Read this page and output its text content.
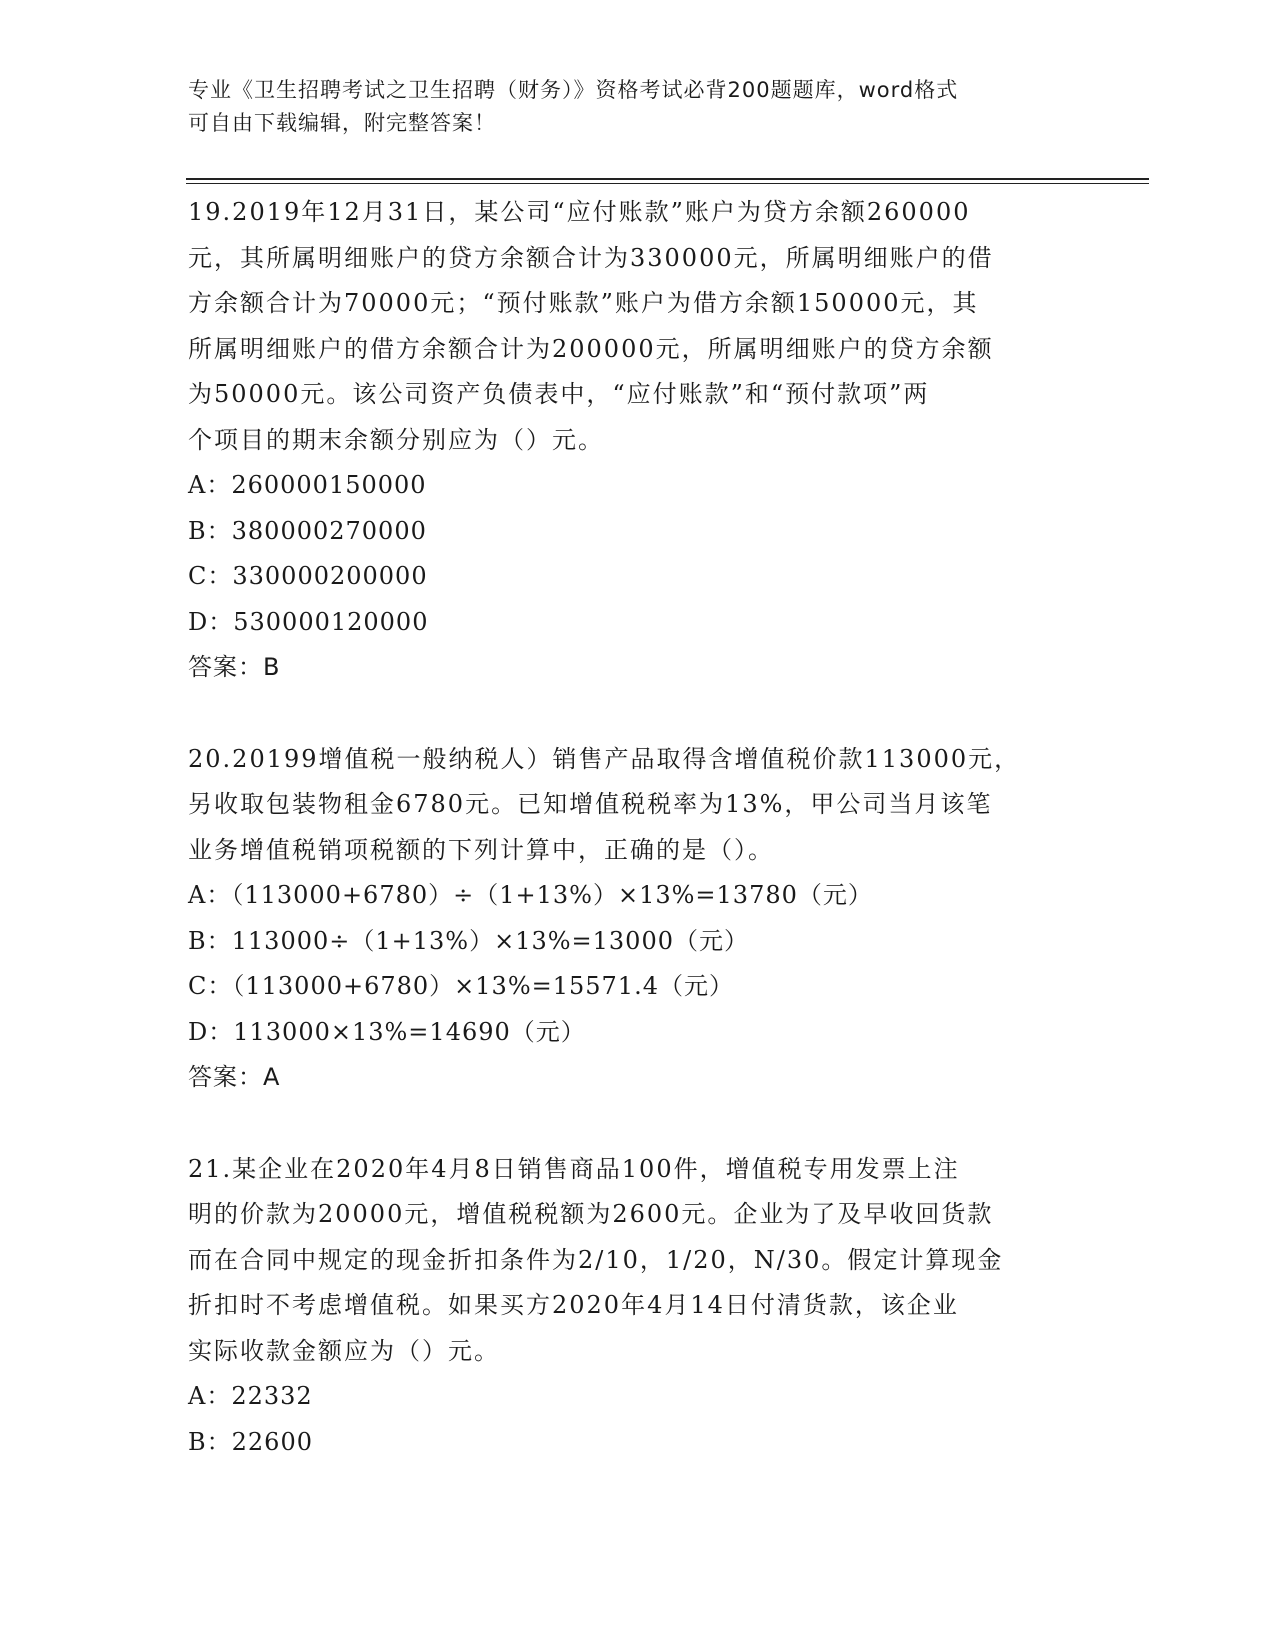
专业《卫生招聘考试之卫生招聘（财务）》资格考试必背200题题库，word格式
可自由下载编辑，附完整答案！
19.2019年12月31日，某公司“应付账款”账户为贷方余额260000
元，其所属明细账户的贷方余额合计为330000元，所属明细账户的借
方余额合计为70000元；“预付账款”账户为借方余额150000元，其
所属明细账户的借方余额合计为200000元，所属明细账户的贷方余额
为50000元。该公司资产负债表中，“应付账款”和“预付款项”两
个项目的期末余额分别应为（）元。
A：260000150000
B：380000270000
C：330000200000
D：530000120000
答案：B
20.20199增值税一般纳税人）销售产品取得含增值税价款113000元，
另收取包装物租金6780元。已知增值税税率为13%，甲公司当月该笔
业务增值税销项税额的下列计算中，正确的是（）。
A：（113000+6780）÷（1+13%）×13%=13780（元）
B：113000÷（1+13%）×13%=13000（元）
C：（113000+6780）×13%=15571.4（元）
D：113000×13%=14690（元）
答案：A
21.某企业在2020年4月8日销售商品100件，增值税专用发票上注
明的价款为20000元，增值税税额为2600元。企业为了及早收回货款
而在合同中规定的现金折扣条件为2/10，1/20，N/30。假定计算现金
折扣时不考虑增值税。如果买方2020年4月14日付清货款，该企业
实际收款金额应为（）元。
A：22332
B：22600
